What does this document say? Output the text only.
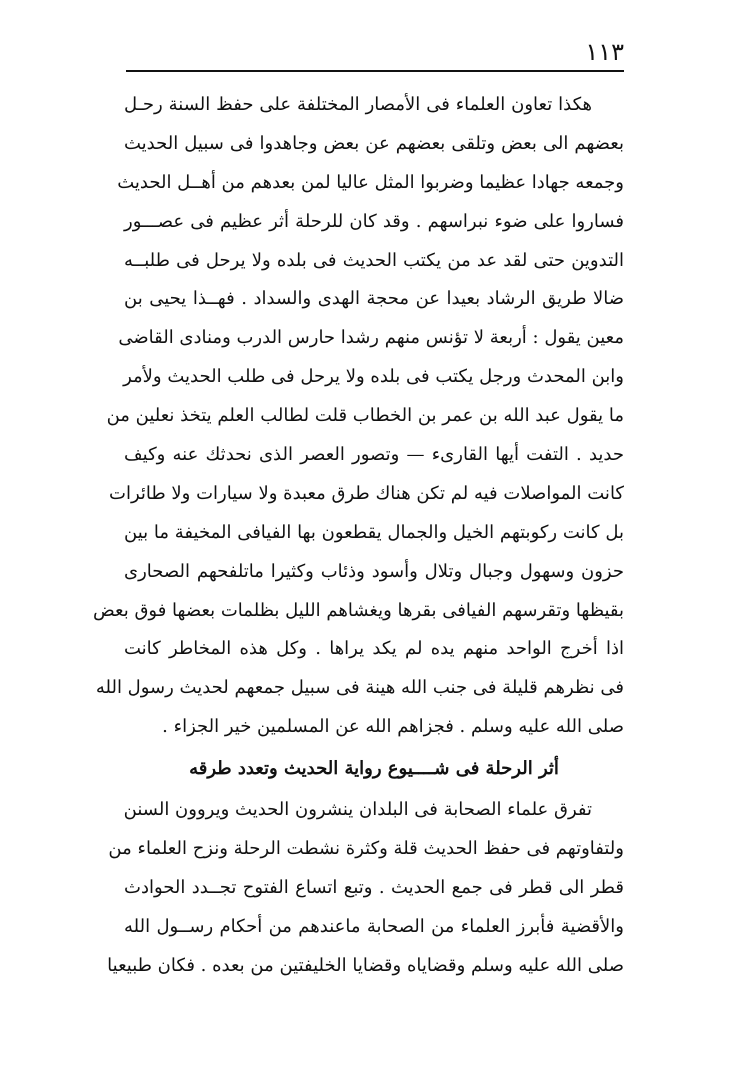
١١٣
هكذا تعاون العلماء فى الأمصار المختلفة على حفظ السنة رحـل
بعضهم الى بعض وتلقى بعضهم عن بعض وجاهدوا فى سبيل الحديث
وجمعه جهادا عظيما وضربوا المثل عاليا لمن بعدهم من أهــل الحديث
فساروا على ضوء نبراسهم . وقد كان للرحلة أثر عظيم فى عصـــور
التدوين حتى لقد عد من يكتب الحديث فى بلده ولا يرحل فى طلبــه
ضالا طريق الرشاد بعيدا عن محجة الهدى والسداد . فهــذا يحيى بن
معين يقول : أربعة لا تؤنس منهم رشدا حارس الدرب ومنادى القاضى
وابن المحدث ورجل يكتب فى بلده ولا يرحل فى طلب الحديث ولأمر
ما يقول عبد الله بن عمر بن الخطاب قلت لطالب العلم يتخذ نعلين من
حديد . التفت أيها القارىء — وتصور العصر الذى نحدثك عنه وكيف
كانت المواصلات فيه لم تكن هناك طرق معبدة ولا سيارات ولا طائرات
بل كانت ركوبتهم الخيل والجمال يقطعون بها الفيافى المخيفة ما بين
حزون وسهول وجبال وتلال وأسود وذئاب وكثيرا ماتلفحهم الصحارى
بقيظها وتقرسهم الفيافى بقرها ويغشاهم الليل بظلمات بعضها فوق بعض
اذا أخرج الواحد منهم يده لم يكد يراها . وكل هذه المخاطر كانت
فى نظرهم قليلة فى جنب الله هينة فى سبيل جمعهم لحديث رسول الله
صلى الله عليه وسلم . فجزاهم الله عن المسلمين خير الجزاء .
أثر الرحلة فى شــــيوع رواية الحديث وتعدد طرقه
تفرق علماء الصحابة فى البلدان ينشرون الحديث ويروون السنن
ولتفاوتهم فى حفظ الحديث قلة وكثرة نشطت الرحلة ونزح العلماء من
قطر الى قطر فى جمع الحديث . وتبع اتساع الفتوح تجــدد الحوادث
والأقضية فأبرز العلماء من الصحابة ماعندهم من أحكام رســول الله
صلى الله عليه وسلم وقضاياه وقضايا الخليفتين من بعده . فكان طبيعيا
